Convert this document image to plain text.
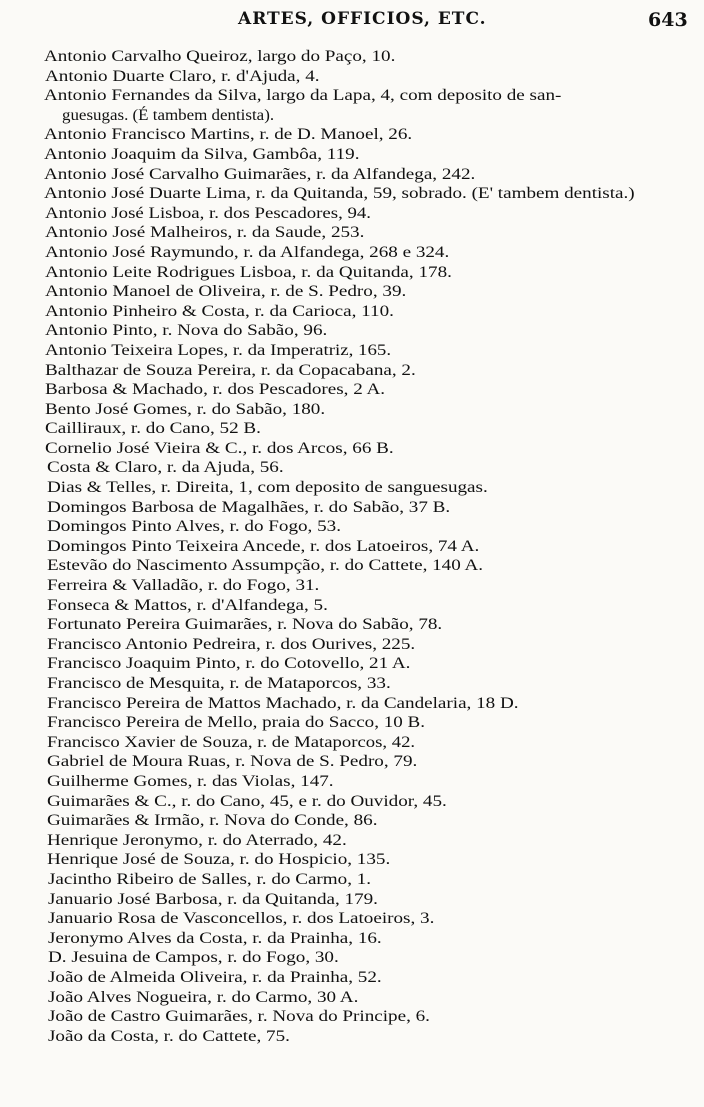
ARTES, OFFICIOS, ETC.	643
Antonio Carvalho Queiroz, largo do Paço, 10.
Antonio Duarte Claro, r. d'Ajuda, 4.
Antonio Fernandes da Silva, largo da Lapa, 4, com deposito de san-
guesugas. (É tambem dentista).
Antonio Francisco Martins, r. de D. Manoel, 26.
Antonio Joaquim da Silva, Gambôa, 119.
Antonio José Carvalho Guimarães, r. da Alfandega, 242.
Antonio José Duarte Lima, r. da Quitanda, 59, sobrado. (E' tambem dentista.)
Antonio José Lisboa, r. dos Pescadores, 94.
Antonio José Malheiros, r. da Saude, 253.
Antonio José Raymundo, r. da Alfandega, 268 e 324.
Antonio Leite Rodrigues Lisboa, r. da Quitanda, 178.
Antonio Manoel de Oliveira, r. de S. Pedro, 39.
Antonio Pinheiro & Costa, r. da Carioca, 110.
Antonio Pinto, r. Nova do Sabão, 96.
Antonio Teixeira Lopes, r. da Imperatriz, 165.
Balthazar de Souza Pereira, r. da Copacabana, 2.
Barbosa & Machado, r. dos Pescadores, 2 A.
Bento José Gomes, r. do Sabão, 180.
Cailliraux, r. do Cano, 52 B.
Cornelio José Vieira & C., r. dos Arcos, 66 B.
Costa & Claro, r. da Ajuda, 56.
Dias & Telles, r. Direita, 1, com deposito de sanguesugas.
Domingos Barbosa de Magalhães, r. do Sabão, 37 B.
Domingos Pinto Alves, r. do Fogo, 53.
Domingos Pinto Teixeira Ancede, r. dos Latoeiros, 74 A.
Estevão do Nascimento Assumpção, r. do Cattete, 140 A.
Ferreira & Valladão, r. do Fogo, 31.
Fonseca & Mattos, r. d'Alfandega, 5.
Fortunato Pereira Guimarães, r. Nova do Sabão, 78.
Francisco Antonio Pedreira, r. dos Ourives, 225.
Francisco Joaquim Pinto, r. do Cotovello, 21 A.
Francisco de Mesquita, r. de Mataporcos, 33.
Francisco Pereira de Mattos Machado, r. da Candelaria, 18 D.
Francisco Pereira de Mello, praia do Sacco, 10 B.
Francisco Xavier de Souza, r. de Mataporcos, 42.
Gabriel de Moura Ruas, r. Nova de S. Pedro, 79.
Guilherme Gomes, r. das Violas, 147.
Guimarães & C., r. do Cano, 45, e r. do Ouvidor, 45.
Guimarães & Irmão, r. Nova do Conde, 86.
Henrique Jeronymo, r. do Aterrado, 42.
Henrique José de Souza, r. do Hospicio, 135.
Jacintho Ribeiro de Salles, r. do Carmo, 1.
Januario José Barbosa, r. da Quitanda, 179.
Januario Rosa de Vasconcellos, r. dos Latoeiros, 3.
Jeronymo Alves da Costa, r. da Prainha, 16.
D. Jesuina de Campos, r. do Fogo, 30.
João de Almeida Oliveira, r. da Prainha, 52.
João Alves Nogueira, r. do Carmo, 30 A.
João de Castro Guimarães, r. Nova do Principe, 6.
João da Costa, r. do Cattete, 75.
